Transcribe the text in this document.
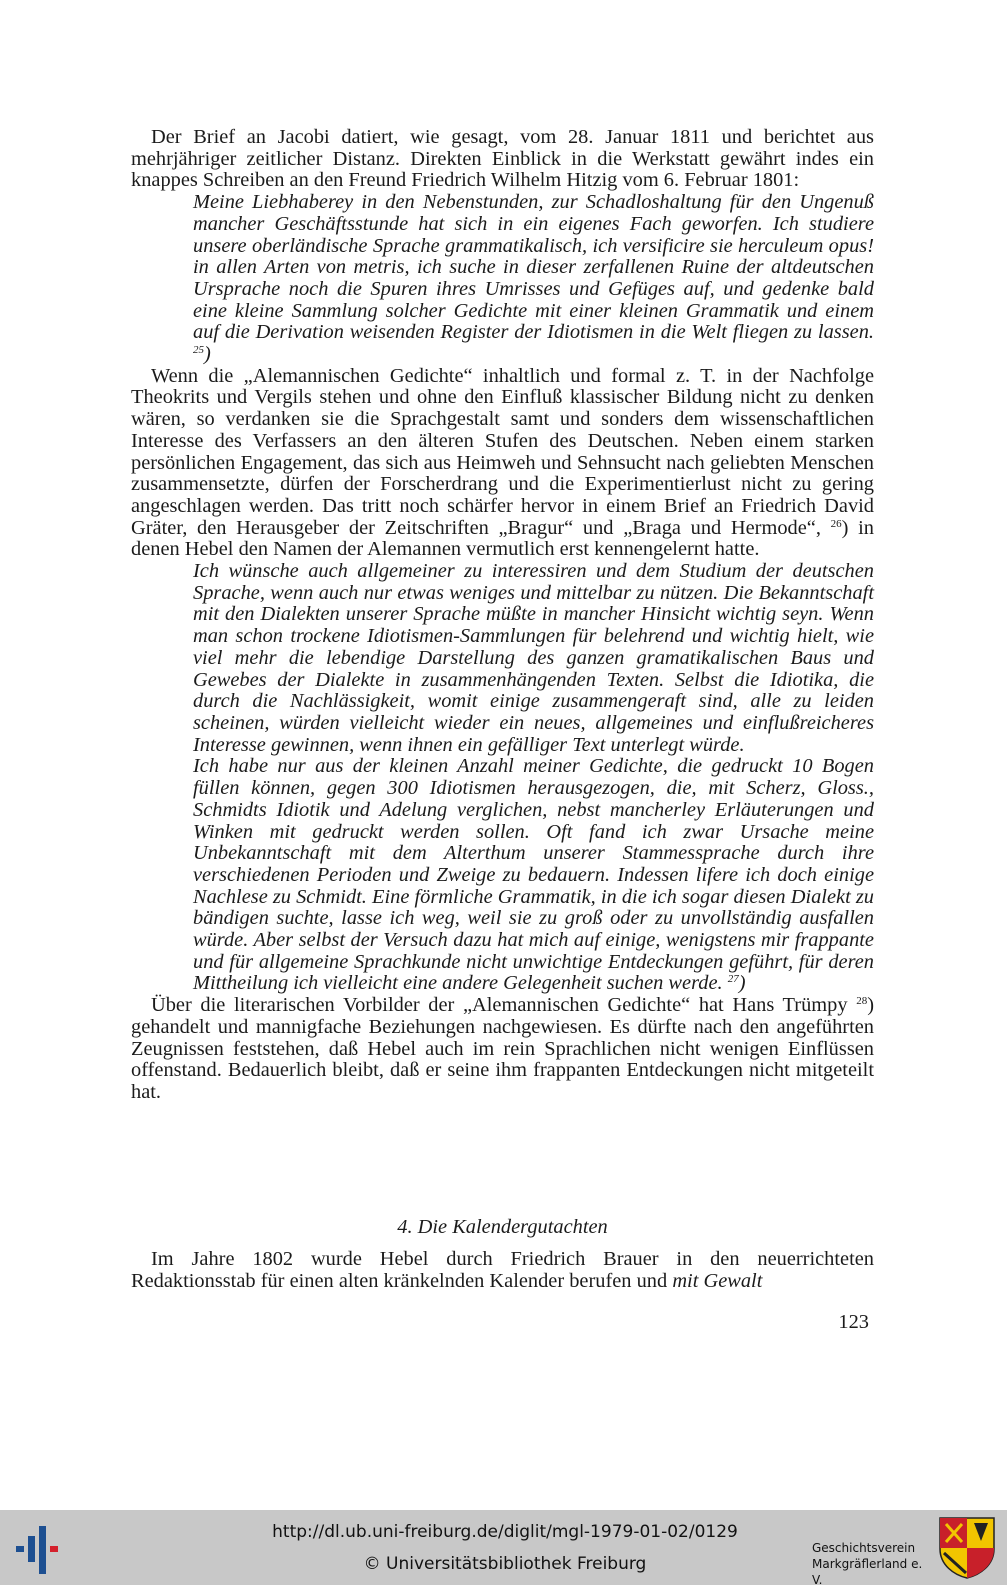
Der Brief an Jacobi datiert, wie gesagt, vom 28. Januar 1811 und berichtet aus mehrjähriger zeitlicher Distanz. Direkten Einblick in die Werkstatt gewährt indes ein knappes Schreiben an den Freund Friedrich Wilhelm Hitzig vom 6. Februar 1801:

Meine Liebhaberey in den Nebenstunden, zur Schadloshaltung für den Ungenuß mancher Geschäftsstunde hat sich in ein eigenes Fach geworfen. Ich studiere unsere oberländische Sprache grammatikalisch, ich versificire sie herculeum opus! in allen Arten von metris, ich suche in dieser zerfallenen Ruine der altdeutschen Ursprache noch die Spuren ihres Umrisses und Gefüges auf, und gedenke bald eine kleine Sammlung solcher Gedichte mit einer kleinen Grammatik und einem auf die Derivation weisenden Register der Idiotismen in die Welt fliegen zu lassen. $^{25}$)

Wenn die „Alemannischen Gedichte“ inhaltlich und formal z. T. in der Nachfolge Theokrits und Vergils stehen und ohne den Einfluß klassischer Bildung nicht zu denken wären, so verdanken sie die Sprachgestalt samt und sonders dem wissenschaftlichen Interesse des Verfassers an den älteren Stufen des Deutschen. Neben einem starken persönlichen Engagement, das sich aus Heimweh und Sehnsucht nach geliebten Menschen zusammensetzte, dürfen der Forscherdrang und die Experimentierlust nicht zu gering angeschlagen werden. Das tritt noch schärfer hervor in einem Brief an Friedrich David Gräter, den Herausgeber der Zeitschriften „Bragur“ und „Braga und Hermode“, $^{26}$) in denen Hebel den Namen der Alemannen vermutlich erst kennengelernt hatte.

Ich wünsche auch allgemeiner zu interessiren und dem Studium der deutschen Sprache, wenn auch nur etwas weniges und mittelbar zu nützen. Die Bekanntschaft mit den Dialekten unserer Sprache müßte in mancher Hinsicht wichtig seyn. Wenn man schon trockene Idiotismen-Sammlungen für belehrend und wichtig hielt, wie viel mehr die lebendige Darstellung des ganzen gramatikalischen Baus und Gewebes der Dialekte in zusammenhängenden Texten. Selbst die Idiotika, die durch die Nachlässigkeit, womit einige zusammengeraft sind, alle zu leiden scheinen, würden vielleicht wieder ein neues, allgemeines und einflußreicheres Interesse gewinnen, wenn ihnen ein gefälliger Text unterlegt würde.

Ich habe nur aus der kleinen Anzahl meiner Gedichte, die gedruckt 10 Bogen füllen können, gegen 300 Idiotismen herausgezogen, die, mit Scherz, Gloss., Schmidts Idiotik und Adelung verglichen, nebst mancherley Erläuterungen und Winken mit gedruckt werden sollen. Oft fand ich zwar Ursache meine Unbekanntschaft mit dem Alterthum unserer Stammessprache durch ihre verschiedenen Perioden und Zweige zu bedauern. Indessen lifere ich doch einige Nachlese zu Schmidt. Eine förmliche Grammatik, in die ich sogar diesen Dialekt zu bändigen suchte, lasse ich weg, weil sie zu groß oder zu unvollständig ausfallen würde. Aber selbst der Versuch dazu hat mich auf einige, wenigstens mir frappante und für allgemeine Sprachkunde nicht unwichtige Entdeckungen geführt, für deren Mittheilung ich vielleicht eine andere Gelegenheit suchen werde. $^{27}$)

Über die literarischen Vorbilder der „Alemannischen Gedichte“ hat Hans Trümpy $^{28}$) gehandelt und mannigfache Beziehungen nachgewiesen. Es dürfte nach den angeführten Zeugnissen feststehen, daß Hebel auch im rein Sprachlichen nicht wenigen Einflüssen offenstand. Bedauerlich bleibt, daß er seine ihm frappanten Entdeckungen nicht mitgeteilt hat.

4. Die Kalendergutachten

Im Jahre 1802 wurde Hebel durch Friedrich Brauer in den neuerrichteten Redaktionsstab für einen alten kränkelnden Kalender berufen und mit Gewalt

123
http://dl.ub.uni-freiburg.de/diglit/mgl-1979-01-02/0129
© Universitätsbibliothek Freiburg
Geschichtsverein
Markgräflerland e. V.
